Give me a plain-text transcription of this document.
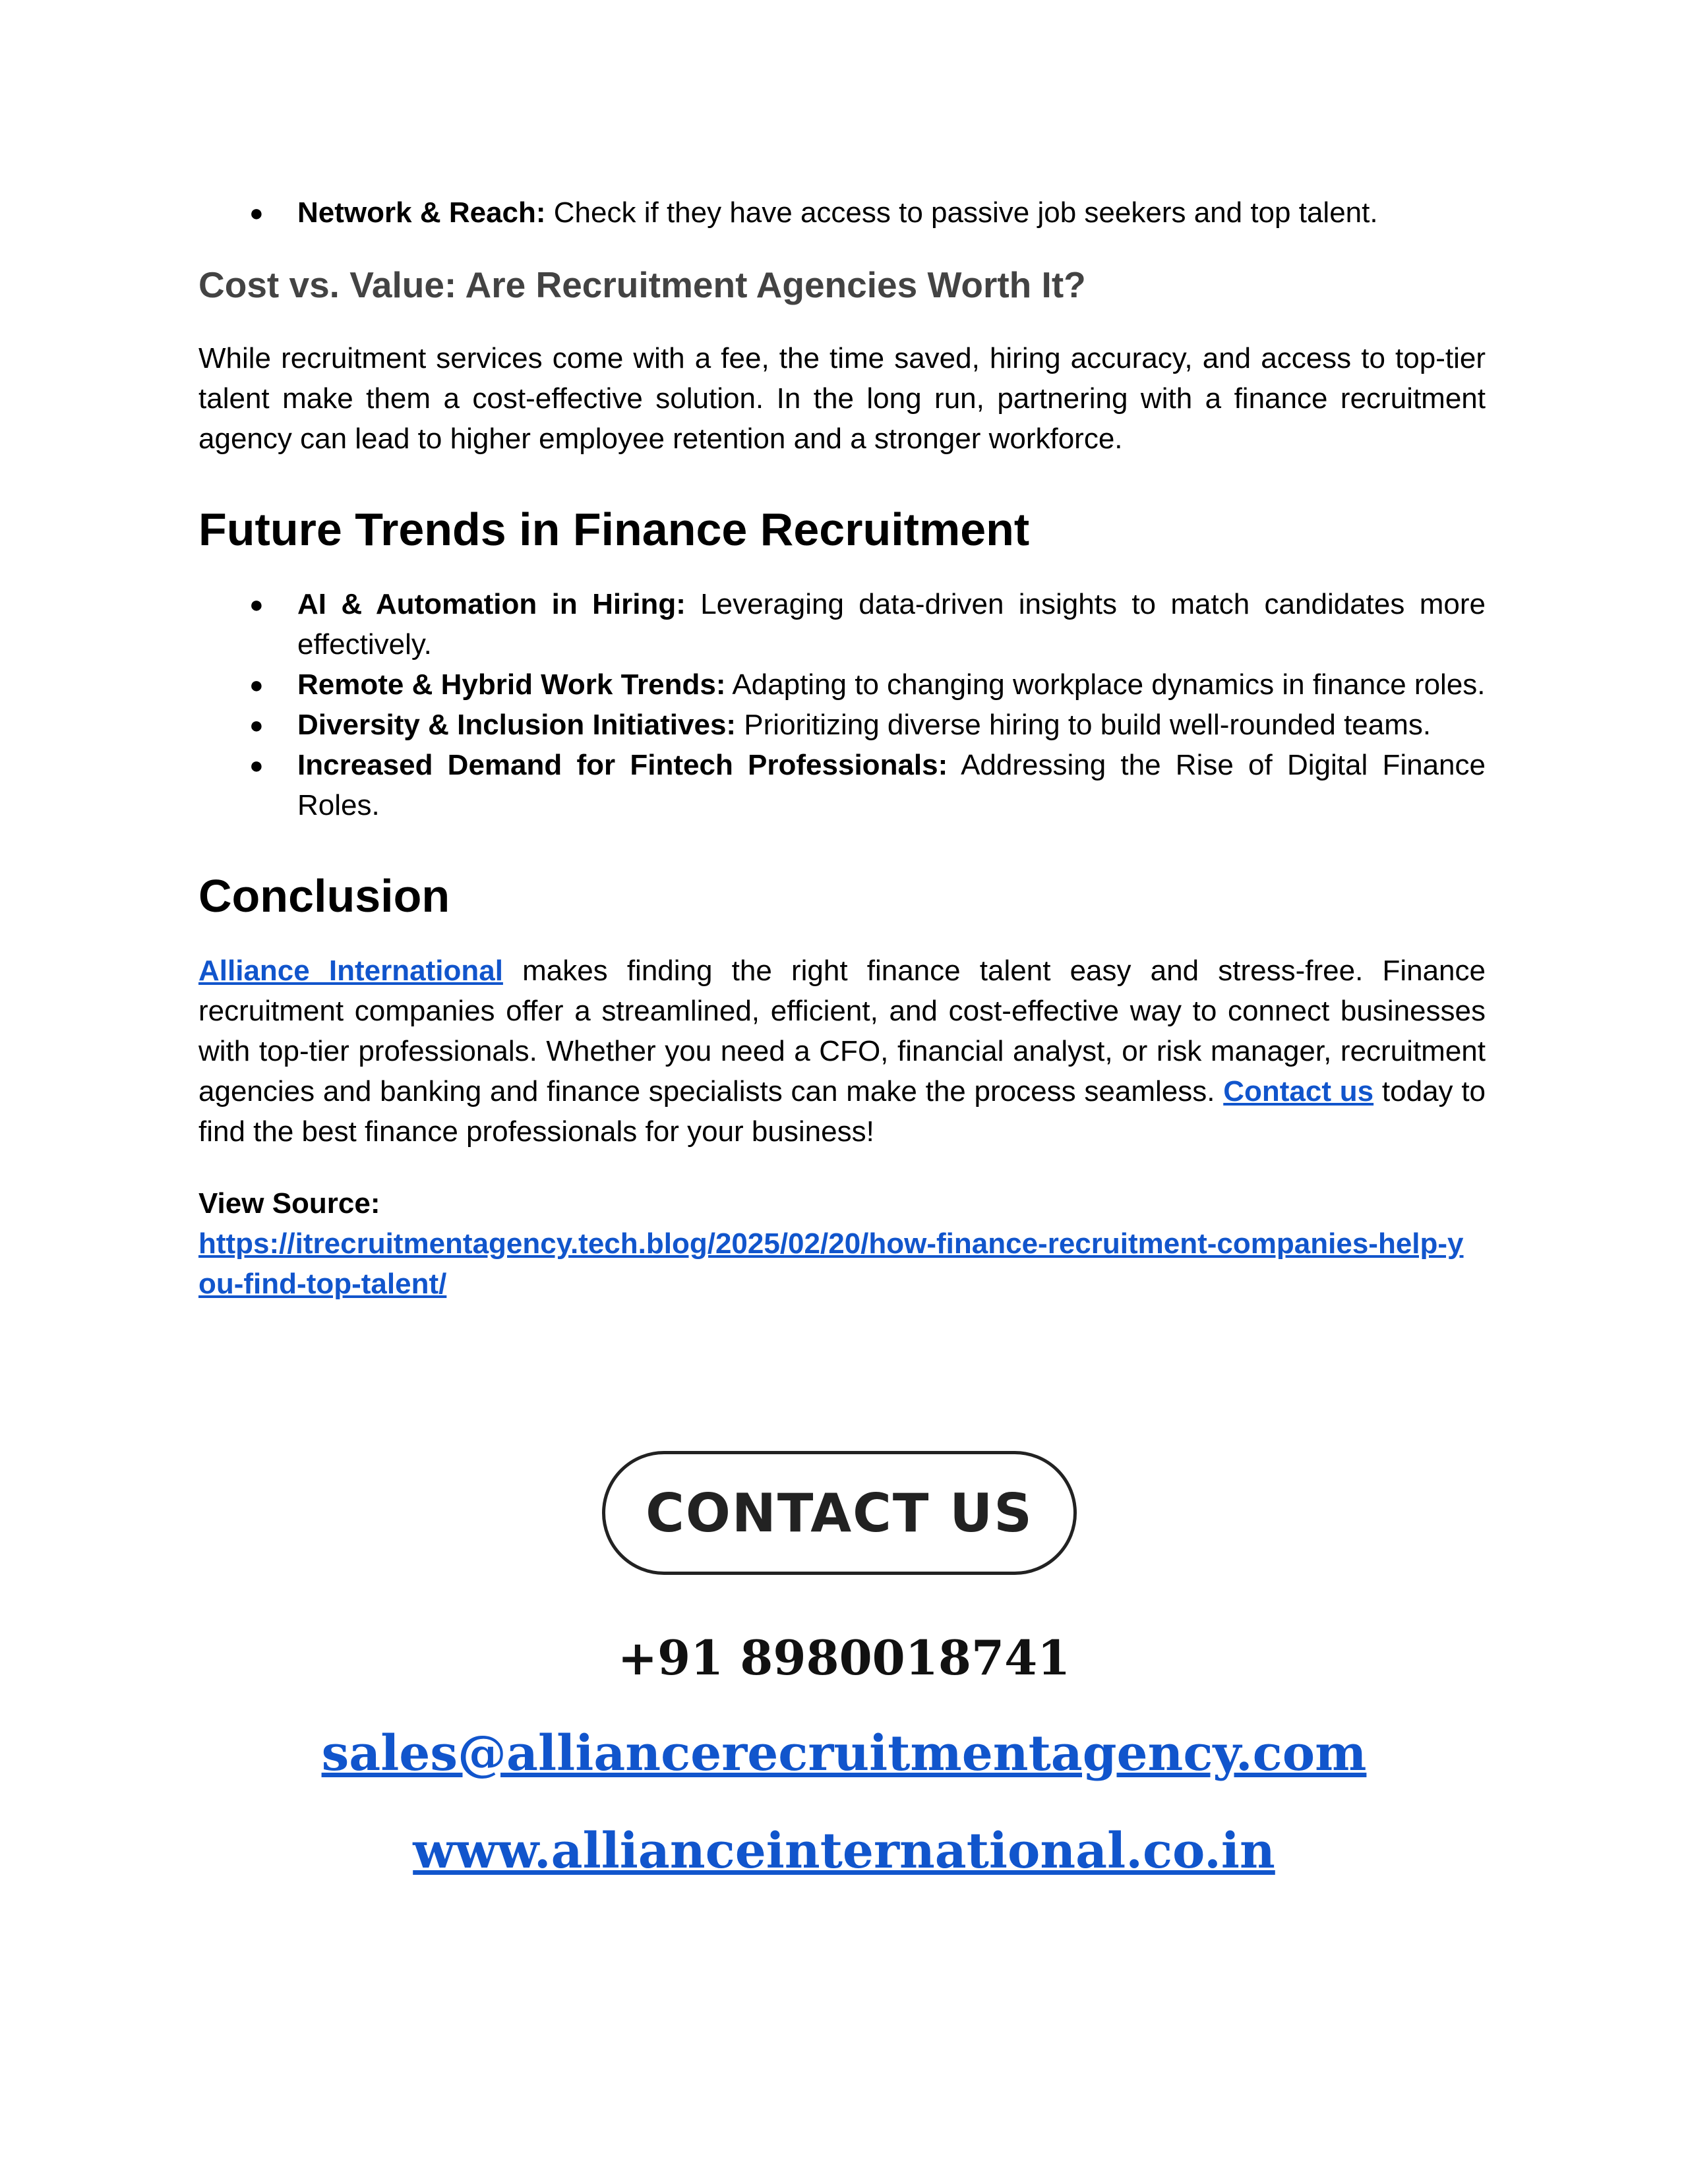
● Network & Reach: Check if they have access to passive job seekers and top talent.
Cost vs. Value: Are Recruitment Agencies Worth It?

While recruitment services come with a fee, the time saved, hiring accuracy, and access to top-tier talent make them a cost-effective solution. In the long run, partnering with a finance recruitment agency can lead to higher employee retention and a stronger workforce.

Future Trends in Finance Recruitment
● AI & Automation in Hiring: Leveraging data-driven insights to match candidates more effectively.
● Remote & Hybrid Work Trends: Adapting to changing workplace dynamics in finance roles.
● Diversity & Inclusion Initiatives: Prioritizing diverse hiring to build well-rounded teams.
● Increased Demand for Fintech Professionals: Addressing the Rise of Digital Finance Roles.
Conclusion

Alliance International makes finding the right finance talent easy and stress-free. Finance recruitment companies offer a streamlined, efficient, and cost-effective way to connect businesses with top-tier professionals. Whether you need a CFO, financial analyst, or risk manager, recruitment agencies and banking and finance specialists can make the process seamless. Contact us today to find the best finance professionals for your business!

View Source:

https://itrecruitmentagency.tech.blog/2025/02/20/how-finance-recruitment-companies-help-you-find-top-talent/

CONTACT US
+91 8980018741
sales@alliancerecruitmentagency.com
www.allianceinternational.co.in
